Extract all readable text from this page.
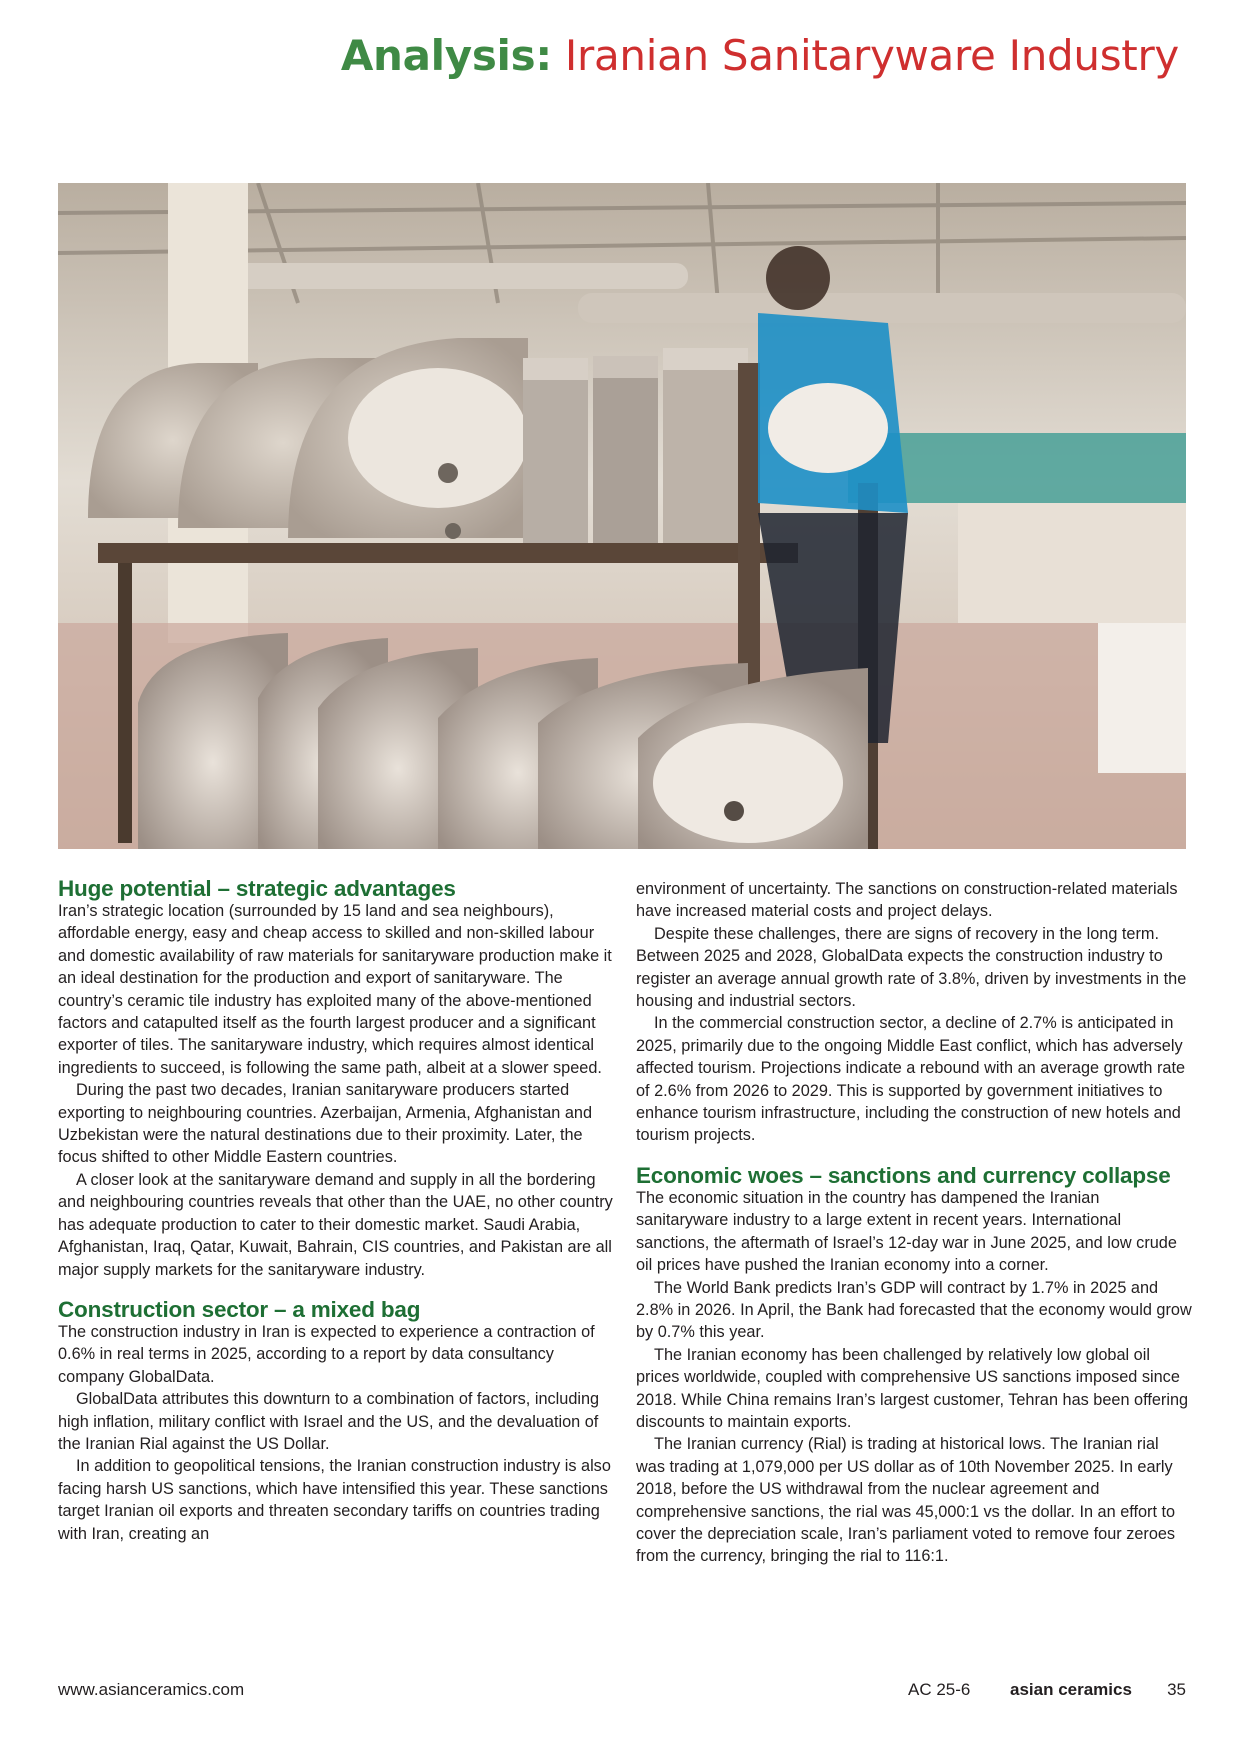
Analysis: Iranian Sanitaryware Industry
Huge potential – strategic advantages

Iran’s strategic location (surrounded by 15 land and sea neighbours), affordable energy, easy and cheap access to skilled and non-skilled labour and domestic availability of raw materials for sanitaryware production make it an ideal destination for the production and export of sanitaryware. The country’s ceramic tile industry has exploited many of the above-mentioned factors and catapulted itself as the fourth largest producer and a significant exporter of tiles. The sanitaryware industry, which requires almost identical ingredients to succeed, is following the same path, albeit at a slower speed.

During the past two decades, Iranian sanitaryware producers started exporting to neighbouring countries. Azerbaijan, Armenia, Afghanistan and Uzbekistan were the natural destinations due to their proximity. Later, the focus shifted to other Middle Eastern countries.

A closer look at the sanitaryware demand and supply in all the bordering and neighbouring countries reveals that other than the UAE, no other country has adequate production to cater to their domestic market. Saudi Arabia, Afghanistan, Iraq, Qatar, Kuwait, Bahrain, CIS countries, and Pakistan are all major supply markets for the sanitaryware industry.

Construction sector – a mixed bag

The construction industry in Iran is expected to experience a contraction of 0.6% in real terms in 2025, according to a report by data consultancy company GlobalData.

GlobalData attributes this downturn to a combination of factors, including high inflation, military conflict with Israel and the US, and the devaluation of the Iranian Rial against the US Dollar.

In addition to geopolitical tensions, the Iranian construction industry is also facing harsh US sanctions, which have intensified this year. These sanctions target Iranian oil exports and threaten secondary tariffs on countries trading with Iran, creating an

environment of uncertainty. The sanctions on construction-related materials have increased material costs and project delays.

Despite these challenges, there are signs of recovery in the long term. Between 2025 and 2028, GlobalData expects the construction industry to register an average annual growth rate of 3.8%, driven by investments in the housing and industrial sectors.

In the commercial construction sector, a decline of 2.7% is anticipated in 2025, primarily due to the ongoing Middle East conflict, which has adversely affected tourism. Projections indicate a rebound with an average growth rate of 2.6% from 2026 to 2029. This is supported by government initiatives to enhance tourism infrastructure, including the construction of new hotels and tourism projects.

Economic woes – sanctions and currency collapse

The economic situation in the country has dampened the Iranian sanitaryware industry to a large extent in recent years. International sanctions, the aftermath of Israel’s 12-day war in June 2025, and low crude oil prices have pushed the Iranian economy into a corner.

The World Bank predicts Iran’s GDP will contract by 1.7% in 2025 and 2.8% in 2026. In April, the Bank had forecasted that the economy would grow by 0.7% this year.

The Iranian economy has been challenged by relatively low global oil prices worldwide, coupled with comprehensive US sanctions imposed since 2018. While China remains Iran’s largest customer, Tehran has been offering discounts to maintain exports.

The Iranian currency (Rial) is trading at historical lows. The Iranian rial was trading at 1,079,000 per US dollar as of 10th November 2025. In early 2018, before the US withdrawal from the nuclear agreement and comprehensive sanctions, the rial was 45,000:1 vs the dollar. In an effort to cover the depreciation scale, Iran’s parliament voted to remove four zeroes from the currency, bringing the rial to 116:1.

www.asianceramics.com	AC 25-6 asian ceramics 35
